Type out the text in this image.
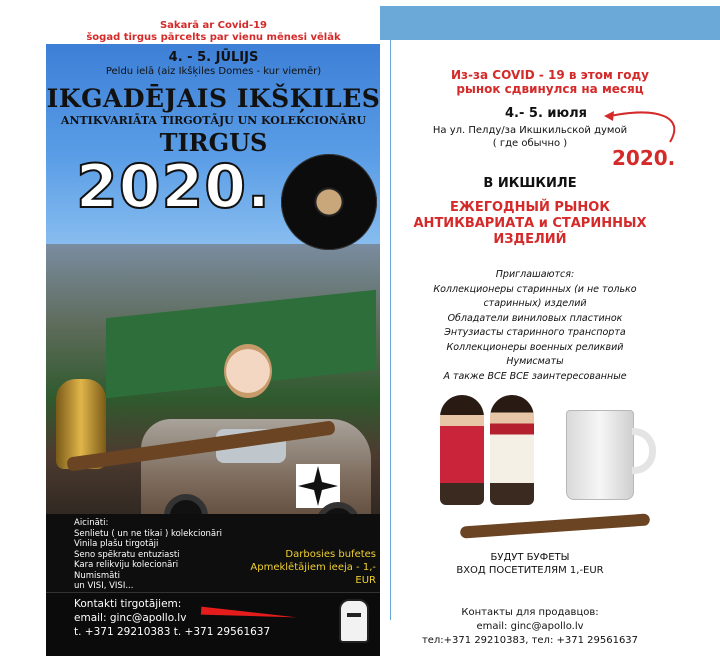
Sakarā ar Covid-19
šogad tirgus pārcelts par vienu mēnesi vēlāk
4. - 5. JŪLIJS
Peldu ielā (aiz Ikšķiles Domes - kur viemēr)
IKGADĒJAIS IKŠĶILES
ANTIKVARIĀTA TIRGOTĀJU UN KOLEKCIONĀRU
TIRGUS
2020.
Aicināti:
Senlietu ( un ne tikai ) kolekcionāri
Vinila plašu tirgotāji
Seno spēkratu entuziasti
Kara relikviju kolecionāri
Numismāti
un VISI, VISI...
Darbosies bufetes
Apmeklētājiem ieeja - 1,- EUR
Kontakti tirgotājiem:
email: ginc@apollo.lv
t. +371 29210383 t. +371 29561637
Из-за COVID - 19 в этом году
рынок сдвинулся на месяц
4.- 5. июля
На ул. Пелду/за Икшкильской думой
( где обычно )
2020.
В ИКШКИЛЕ
ЕЖЕГОДНЫЙ РЫНОК
АНТИКВАРИАТА и СТАРИННЫХ
ИЗДЕЛИЙ
Приглашаются:
Коллекционеры старинных (и не только
старинных) изделий
Обладатели виниловых пластинок
Энтузиасты старинного транспорта
Коллекционеры военных реликвий
Нумисматы
А также ВСЕ ВСЕ заинтересованные
БУДУТ БУФЕТЫ
ВХОД ПОСЕТИТЕЛЯМ 1,-EUR
Контакты для продавцов:
email: ginc@apollo.lv
тел:+371 29210383, тел: +371 29561637
